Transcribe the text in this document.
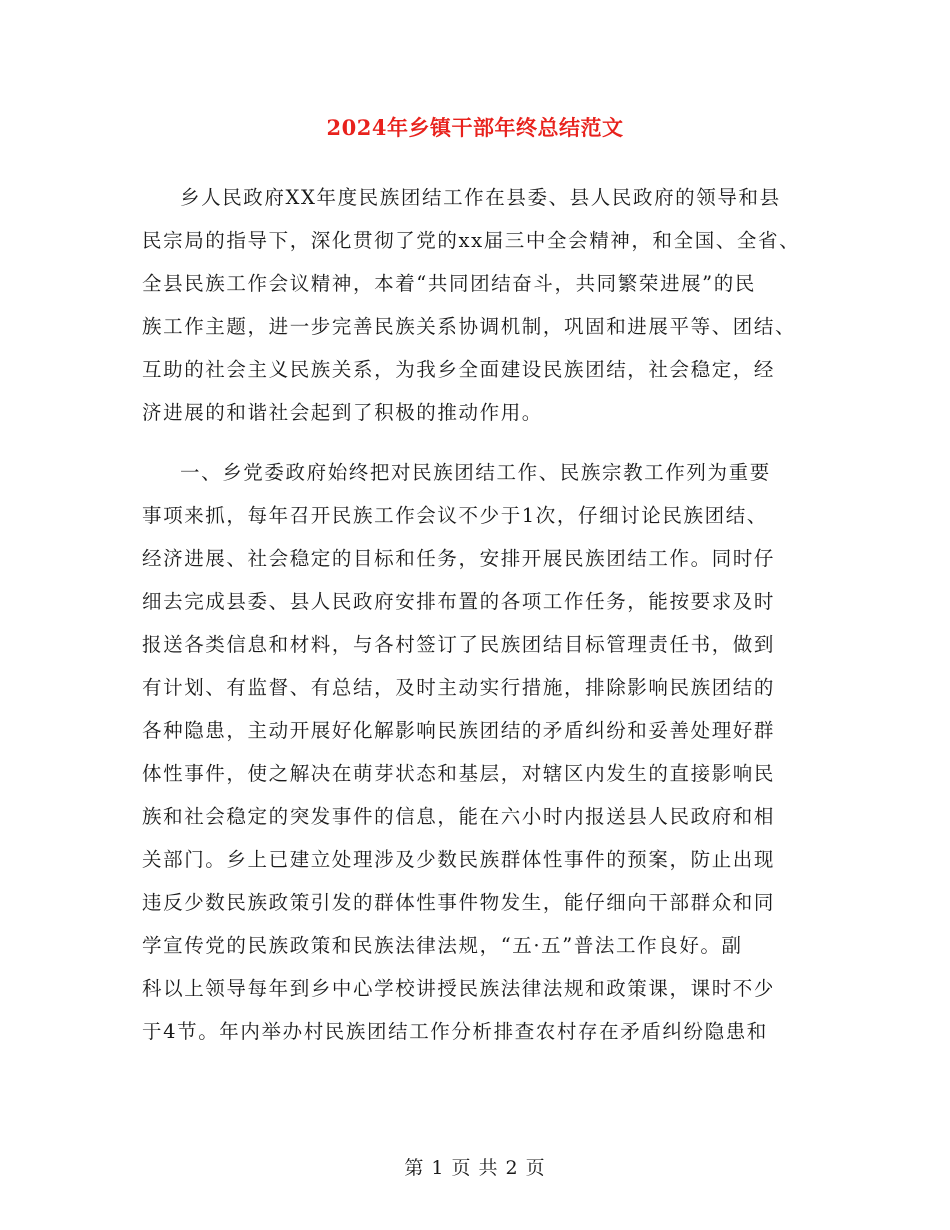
2024年乡镇干部年终总结范文
乡人民政府XX年度民族团结工作在县委、县人民政府的领导和县
民宗局的指导下，深化贯彻了党的xx届三中全会精神，和全国、全省、
全县民族工作会议精神，本着“共同团结奋斗，共同繁荣进展”的民
族工作主题，进一步完善民族关系协调机制，巩固和进展平等、团结、
互助的社会主义民族关系，为我乡全面建设民族团结，社会稳定，经
济进展的和谐社会起到了积极的推动作用。
一、乡党委政府始终把对民族团结工作、民族宗教工作列为重要
事项来抓，每年召开民族工作会议不少于1次，仔细讨论民族团结、
经济进展、社会稳定的目标和任务，安排开展民族团结工作。同时仔
细去完成县委、县人民政府安排布置的各项工作任务，能按要求及时
报送各类信息和材料，与各村签订了民族团结目标管理责任书，做到
有计划、有监督、有总结，及时主动实行措施，排除影响民族团结的
各种隐患，主动开展好化解影响民族团结的矛盾纠纷和妥善处理好群
体性事件，使之解决在萌芽状态和基层，对辖区内发生的直接影响民
族和社会稳定的突发事件的信息，能在六小时内报送县人民政府和相
关部门。乡上已建立处理涉及少数民族群体性事件的预案，防止出现
违反少数民族政策引发的群体性事件物发生，能仔细向干部群众和同
学宣传党的民族政策和民族法律法规，“五·五”普法工作良好。副
科以上领导每年到乡中心学校讲授民族法律法规和政策课，课时不少
于4节。年内举办村民族团结工作分析排查农村存在矛盾纠纷隐患和
第 1 页 共 2 页
